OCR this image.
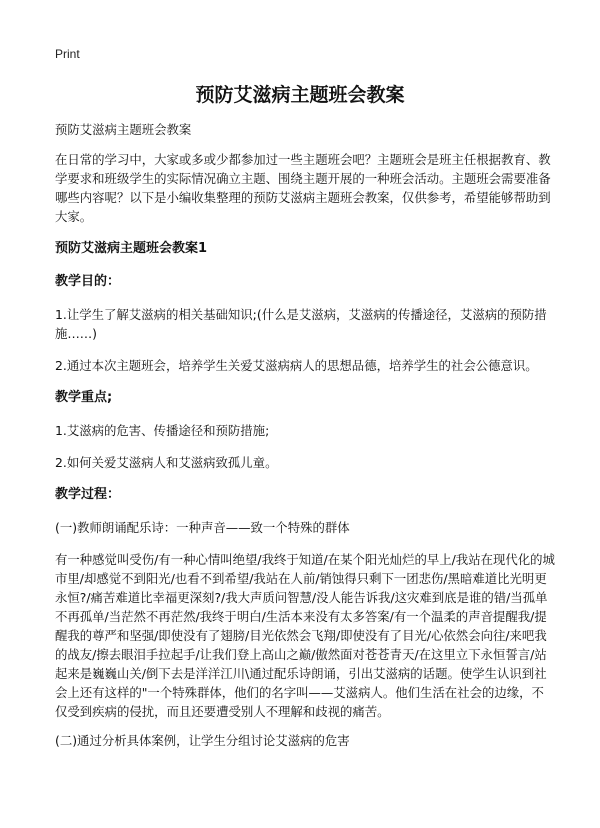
Print
预防艾滋病主题班会教案

预防艾滋病主题班会教案

在日常的学习中，大家或多或少都参加过一些主题班会吧？主题班会是班主任根据教育、教学要求和班级学生的实际情况确立主题、围绕主题开展的一种班会活动。主题班会需要准备哪些内容呢？以下是小编收集整理的预防艾滋病主题班会教案，仅供参考，希望能够帮助到大家。

预防艾滋病主题班会教案1

教学目的：

1.让学生了解艾滋病的相关基础知识;(什么是艾滋病，艾滋病的传播途径，艾滋病的预防措施……)

2.通过本次主题班会，培养学生关爱艾滋病病人的思想品德，培养学生的社会公德意识。

教学重点;

1.艾滋病的危害、传播途径和预防措施;

2.如何关爱艾滋病人和艾滋病致孤儿童。

教学过程：

(一)教师朗诵配乐诗：一种声音——致一个特殊的群体

有一种感觉叫受伤/有一种心情叫绝望/我终于知道/在某个阳光灿烂的早上/我站在现代化的城市里/却感觉不到阳光/也看不到希望/我站在人前/销蚀得只剩下一团悲伤/黑暗难道比光明更永恒?/痛苦难道比幸福更深刻?/我大声质问智慧/没人能告诉我/这灾难到底是谁的错/当孤单不再孤单/当茫然不再茫然/我终于明白/生活本来没有太多答案/有一个温柔的声音提醒我/提醒我的尊严和坚强/即使没有了翅膀/目光依然会飞翔/即使没有了目光/心依然会向往/来吧我的战友/擦去眼泪手拉起手/让我们登上高山之巅/傲然面对苍苍青天/在这里立下永恒誓言/站起来是巍巍山关/倒下去是洋洋江川\通过配乐诗朗诵，引出艾滋病的话题。使学生认识到社会上还有这样的"一个特殊群体，他们的名字叫——艾滋病人。他们生活在社会的边缘，不仅受到疾病的侵扰，而且还要遭受别人不理解和歧视的痛苦。

(二)通过分析具体案例，让学生分组讨论艾滋病的危害
